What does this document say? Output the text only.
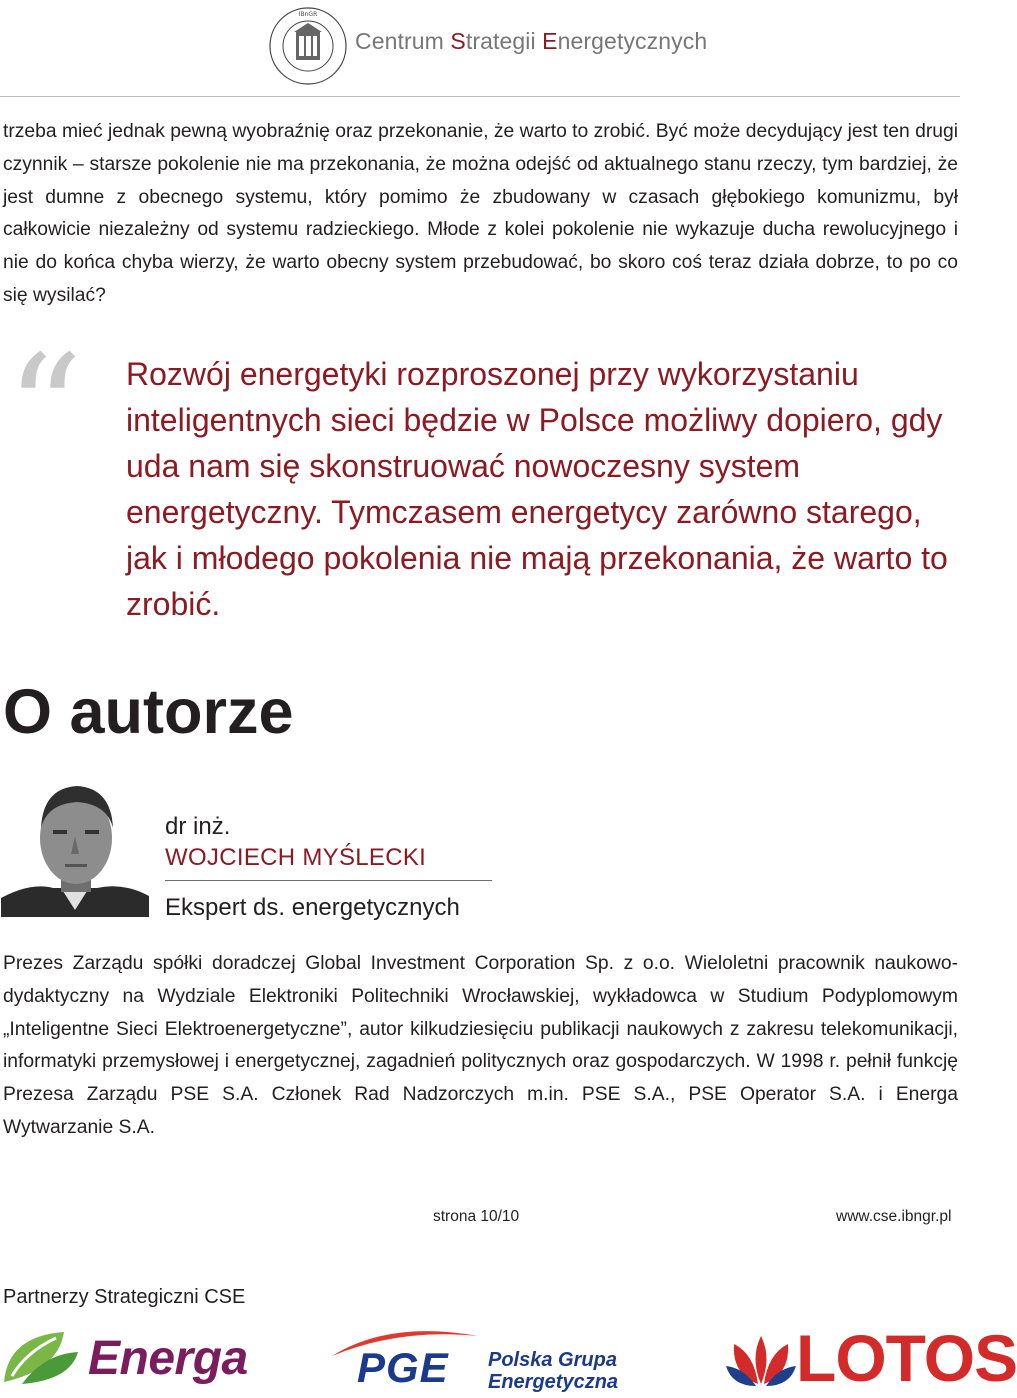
IBnGR
Centrum Strategii Energetycznych
trzeba mieć jednak pewną wyobraźnię oraz przekonanie, że warto to zrobić. Być może decydujący jest ten drugi czynnik – starsze pokolenie nie ma przekonania, że można odejść od aktualnego stanu rzeczy, tym bardziej, że jest dumne z obecnego systemu, który pomimo że zbudowany w czasach głębokiego komunizmu, był całkowicie niezależny od systemu radzieckiego. Młode z kolei pokolenie nie wykazuje ducha rewolucyjnego i nie do końca chyba wierzy, że warto obecny system przebudować, bo skoro coś teraz działa dobrze, to po co się wysilać?
“ Rozwój energetyki rozproszonej przy wykorzystaniu inteligentnych sieci będzie w Polsce możliwy dopiero, gdy uda nam się skonstruować nowoczesny system energetyczny. Tymczasem energetycy zarówno starego, jak i młodego pokolenia nie mają przekonania, że warto to zrobić.
O autorze
dr inż.
WOJCIECH MYŚLECKI
Ekspert ds. energetycznych
Prezes Zarządu spółki doradczej Global Investment Corporation Sp. z o.o. Wieloletni pracownik naukowo-dydaktyczny na Wydziale Elektroniki Politechniki Wrocławskiej, wykładowca w Studium Podyplomowym „Inteligentne Sieci Elektroenergetyczne”, autor kilkudziesięciu publikacji naukowych z zakresu telekomunikacji, informatyki przemysłowej i energetycznej, zagadnień politycznych oraz gospodarczych. W 1998 r. pełnił funkcję Prezesa Zarządu PSE S.A. Członek Rad Nadzorczych m.in. PSE S.A., PSE Operator S.A. i Energa Wytwarzanie S.A.
strona 10/10	www.cse.ibngr.pl
Partnerzy Strategiczni CSE
Energa	PGE Polska Grupa
Energetyczna	LOTOS
